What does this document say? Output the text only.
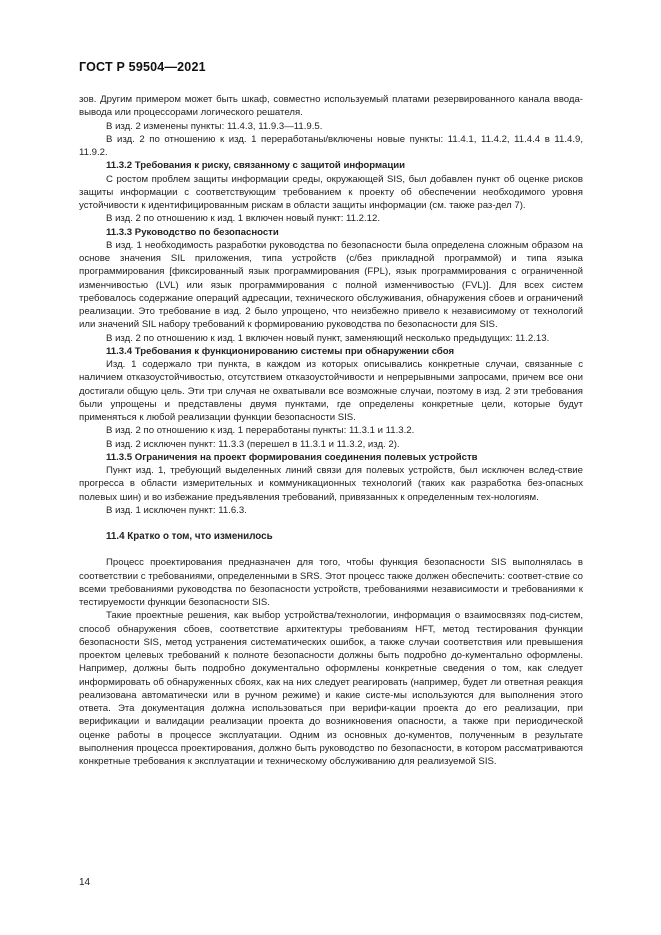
ГОСТ Р 59504—2021

зов. Другим примером может быть шкаф, совместно используемый платами резервированного канала ввода-вывода или процессорами логического решателя.

В изд. 2 изменены пункты: 11.4.3, 11.9.3—11.9.5.

В изд. 2 по отношению к изд. 1 переработаны/включены новые пункты: 11.4.1, 11.4.2, 11.4.4 в 11.4.9, 11.9.2.

11.3.2 Требования к риску, связанному с защитой информации

С ростом проблем защиты информации среды, окружающей SIS, был добавлен пункт об оценке рисков защиты информации с соответствующим требованием к проекту об обеспечении необходимого уровня устойчивости к идентифицированным рискам в области защиты информации (см. также раз-дел 7).

В изд. 2 по отношению к изд. 1 включен новый пункт: 11.2.12.

11.3.3 Руководство по безопасности

В изд. 1 необходимость разработки руководства по безопасности была определена сложным образом на основе значения SIL приложения, типа устройств (с/без прикладной программой) и типа языка программирования [фиксированный язык программирования (FPL), язык программирования с ограниченной изменчивостью (LVL) или язык программирования с полной изменчивостью (FVL)]. Для всех систем требовалось содержание операций адресации, технического обслуживания, обнаружения сбоев и ограничений реализации. Это требование в изд. 2 было упрощено, что неизбежно привело к независимому от технологий или значений SIL набору требований к формированию руководства по безопасности для SIS.

В изд. 2 по отношению к изд. 1 включен новый пункт, заменяющий несколько предыдущих: 11.2.13.

11.3.4 Требования к функционированию системы при обнаружении сбоя

Изд. 1 содержало три пункта, в каждом из которых описывались конкретные случаи, связанные с наличием отказоустойчивостью, отсутствием отказоустойчивости и непрерывными запросами, причем все они достигали общую цель. Эти три случая не охватывали все возможные случаи, поэтому в изд. 2 эти требования были упрощены и представлены двумя пунктами, где определены конкретные цели, которые будут применяться к любой реализации функции безопасности SIS.

В изд. 2 по отношению к изд. 1 переработаны пункты: 11.3.1 и 11.3.2.

В изд. 2 исключен пункт: 11.3.3 (перешел в 11.3.1 и 11.3.2, изд. 2).

11.3.5 Ограничения на проект формирования соединения полевых устройств

Пункт изд. 1, требующий выделенных линий связи для полевых устройств, был исключен вслед-ствие прогресса в области измерительных и коммуникационных технологий (таких как разработка без-опасных полевых шин) и во избежание предъявления требований, привязанных к определенным тех-нологиям.

В изд. 1 исключен пункт: 11.6.3.

11.4 Кратко о том, что изменилось

Процесс проектирования предназначен для того, чтобы функция безопасности SIS выполнялась в соответствии с требованиями, определенными в SRS. Этот процесс также должен обеспечить: соответ-ствие со всеми требованиями руководства по безопасности устройств, требованиями независимости и требованиями к тестируемости функции безопасности SIS.

Такие проектные решения, как выбор устройства/технологии, информация о взаимосвязях под-систем, способ обнаружения сбоев, соответствие архитектуры требованиям HFT, метод тестирования функции безопасности SIS, метод устранения систематических ошибок, а также случаи соответствия или превышения проектом целевых требований к полноте безопасности должны быть подробно до-кументально оформлены. Например, должны быть подробно документально оформлены конкретные сведения о том, как следует информировать об обнаруженных сбоях, как на них следует реагировать (например, будет ли ответная реакция реализована автоматически или в ручном режиме) и какие систе-мы используются для выполнения этого ответа. Эта документация должна использоваться при верифи-кации проекта до его реализации, при верификации и валидации реализации проекта до возникновения опасности, а также при периодической оценке работы в процессе эксплуатации. Одним из основных до-кументов, полученным в результате выполнения процесса проектирования, должно быть руководство по безопасности, в котором рассматриваются конкретные требования к эксплуатации и техническому обслуживанию для реализуемой SIS.

14
